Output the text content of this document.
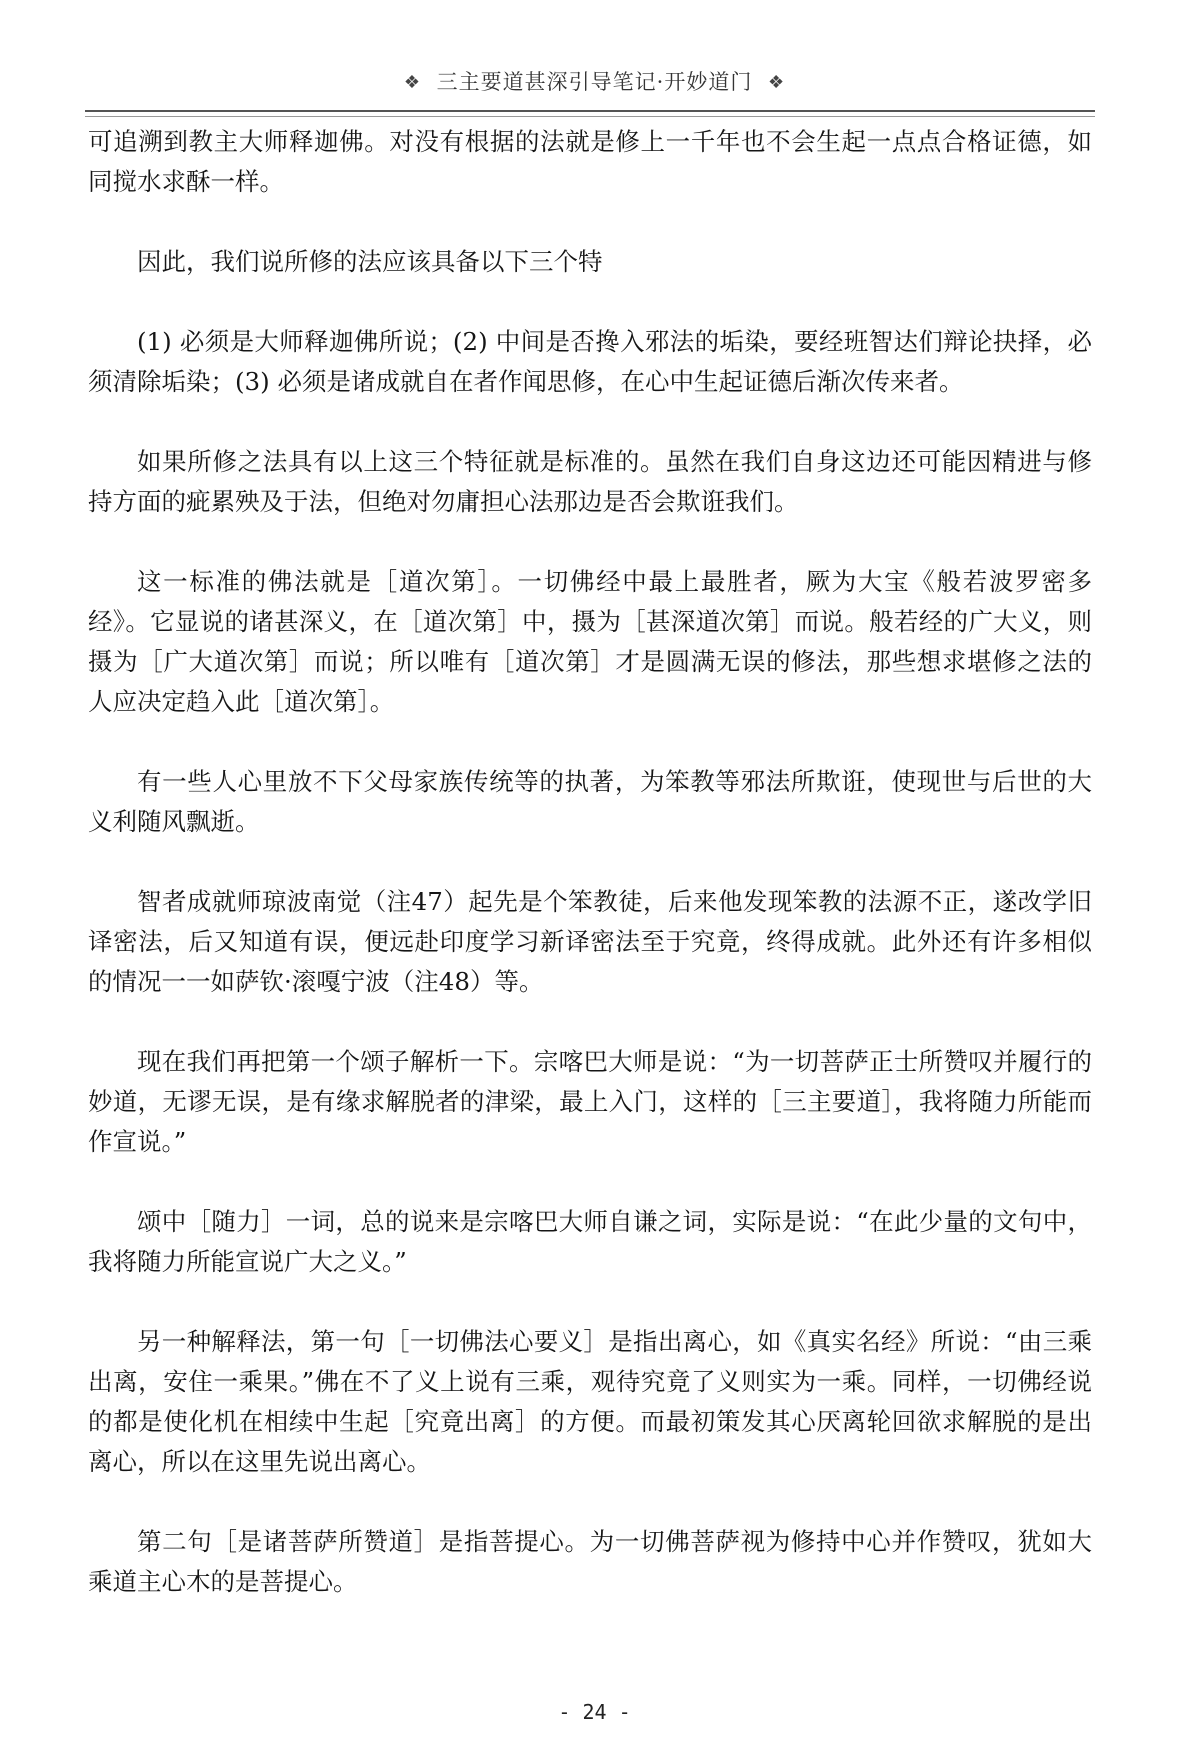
❖ 三主要道甚深引导笔记·开妙道门 ❖

可追溯到教主大师释迦佛。对没有根据的法就是修上一千年也不会生起一点点合格证德，如同搅水求酥一样。

因此，我们说所修的法应该具备以下三个特

(1) 必须是大师释迦佛所说；(2) 中间是否搀入邪法的垢染，要经班智达们辩论抉择，必须清除垢染；(3) 必须是诸成就自在者作闻思修，在心中生起证德后渐次传来者。

如果所修之法具有以上这三个特征就是标准的。虽然在我们自身这边还可能因精进与修持方面的疵累殃及于法，但绝对勿庸担心法那边是否会欺诳我们。

这一标准的佛法就是［道次第］。一切佛经中最上最胜者，厥为大宝《般若波罗密多经》。它显说的诸甚深义，在［道次第］中，摄为［甚深道次第］而说。般若经的广大义，则摄为［广大道次第］而说；所以唯有［道次第］才是圆满无误的修法，那些想求堪修之法的人应决定趋入此［道次第］。

有一些人心里放不下父母家族传统等的执著，为笨教等邪法所欺诳，使现世与后世的大义利随风飘逝。

智者成就师琼波南觉（注47）起先是个笨教徒，后来他发现笨教的法源不正，遂改学旧译密法，后又知道有误，便远赴印度学习新译密法至于究竟，终得成就。此外还有许多相似的情况一一如萨钦·滚嘎宁波（注48）等。

现在我们再把第一个颂子解析一下。宗喀巴大师是说：“为一切菩萨正士所赞叹并履行的妙道，无谬无误，是有缘求解脱者的津梁，最上入门，这样的［三主要道］，我将随力所能而作宣说。”

颂中［随力］一词，总的说来是宗喀巴大师自谦之词，实际是说：“在此少量的文句中，我将随力所能宣说广大之义。”

另一种解释法，第一句［一切佛法心要义］是指出离心，如《真实名经》所说：“由三乘出离，安住一乘果。”佛在不了义上说有三乘，观待究竟了义则实为一乘。同样，一切佛经说的都是使化机在相续中生起［究竟出离］的方便。而最初策发其心厌离轮回欲求解脱的是出离心，所以在这里先说出离心。

第二句［是诸菩萨所赞道］是指菩提心。为一切佛菩萨视为修持中心并作赞叹，犹如大乘道主心木的是菩提心。

- 24 -
